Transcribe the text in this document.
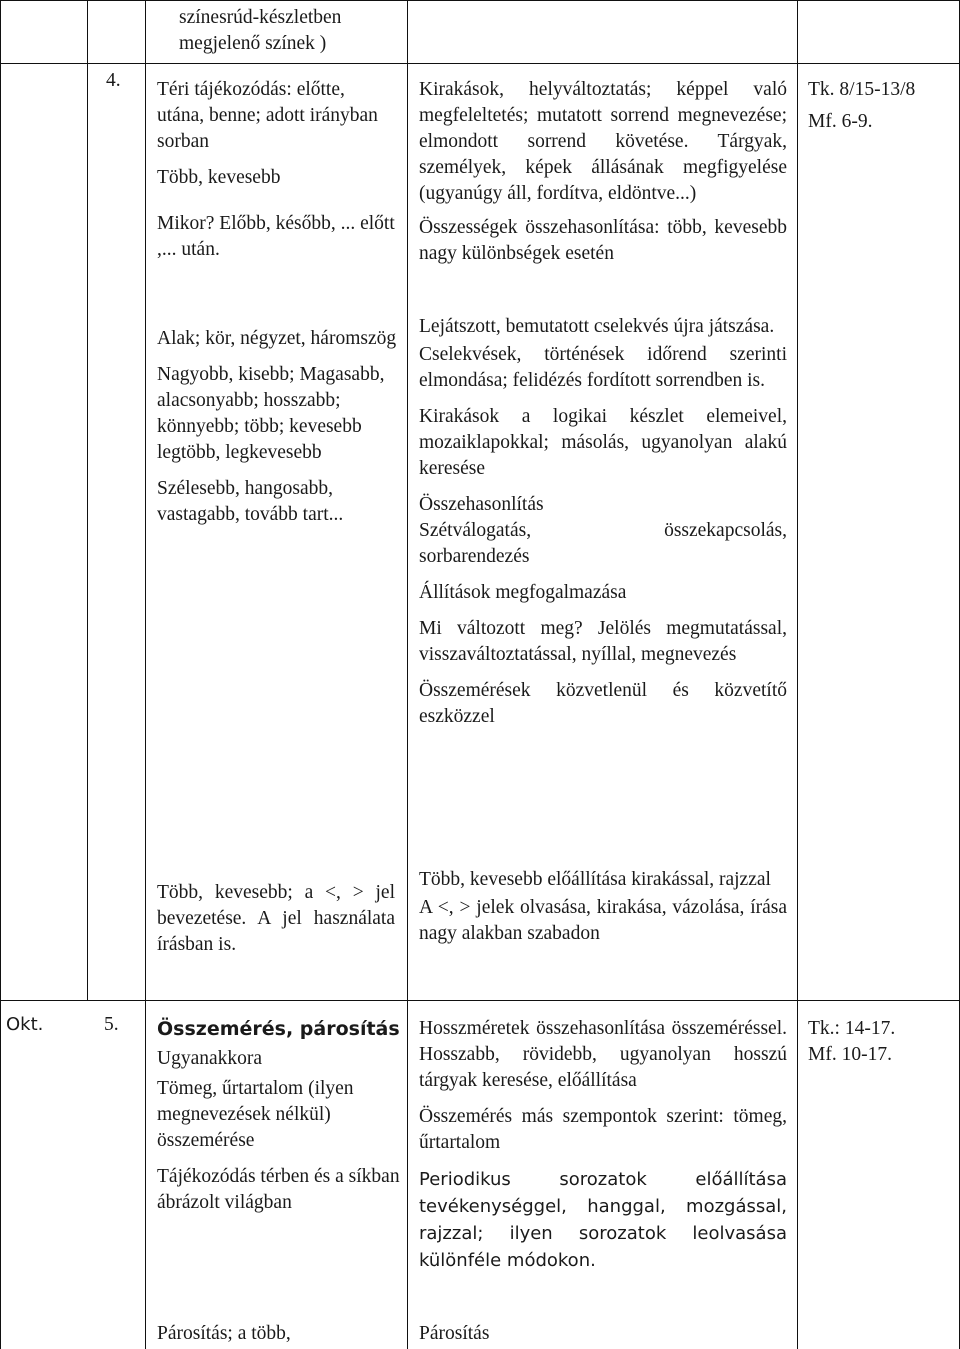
színesrúd-készletben

megjelenő színek )

4. Téri tájékozódás: előtte, utána, benne; adott irányban sorban

Több, kevesebb

Mikor? Előbb, később, ... előtt ,... után.

Alak; kör, négyzet, háromszög

Nagyobb, kisebb; Magasabb, alacsonyabb; hosszabb; könnyebb; több; kevesebb legtöbb, legkevesebb

Szélesebb, hangosabb, vastagabb, tovább tart...

Több, kevesebb; a <, > jel bevezetése. A jel használata írásban is.

Kirakások, helyváltoztatás; képpel való megfeleltetés; mutatott sorrend megnevezése; elmondott sorrend követése. Tárgyak, személyek, képek állásának megfigyelése (ugyanúgy áll, fordítva, eldöntve...)

Összességek összehasonlítása: több, kevesebb nagy különbségek esetén

Lejátszott, bemutatott cselekvés újra játszása.

Cselekvések, történések időrend szerinti elmondása; felidézés fordított sorrendben is.

Kirakások a logikai készlet elemeivel, mozaiklapokkal; másolás, ugyanolyan alakú keresése

Összehasonlítás

Szétválogatás, összekapcsolás,

sorbarendezés

Állítások megfogalmazása

Mi változott meg? Jelölés megmutatással, visszaváltoztatással, nyíllal, megnevezés

Összemérések közvetlenül és közvetítő eszközzel

Több, kevesebb előállítása kirakással, rajzzal

A <, > jelek olvasása, kirakása, vázolása, írása nagy alakban szabadon

Tk. 8/15-13/8

Mf. 6-9.

Okt.	5. Összemérés, párosítás

Ugyanakkora

Tömeg, űrtartalom (ilyen megnevezések nélkül) összemérése

Tájékozódás térben és a síkban ábrázolt világban

Párosítás; a több,

Hosszméretek összehasonlítása összeméréssel. Hosszabb, rövidebb, ugyanolyan hosszú tárgyak keresése, előállítása

Összemérés más szempontok szerint: tömeg, űrtartalom

Periodikus sorozatok előállítása tevékenységgel, hanggal, mozgással, rajzzal; ilyen sorozatok leolvasása különféle módokon.

Párosítás

Tk.: 14-17.

Mf. 10-17.
